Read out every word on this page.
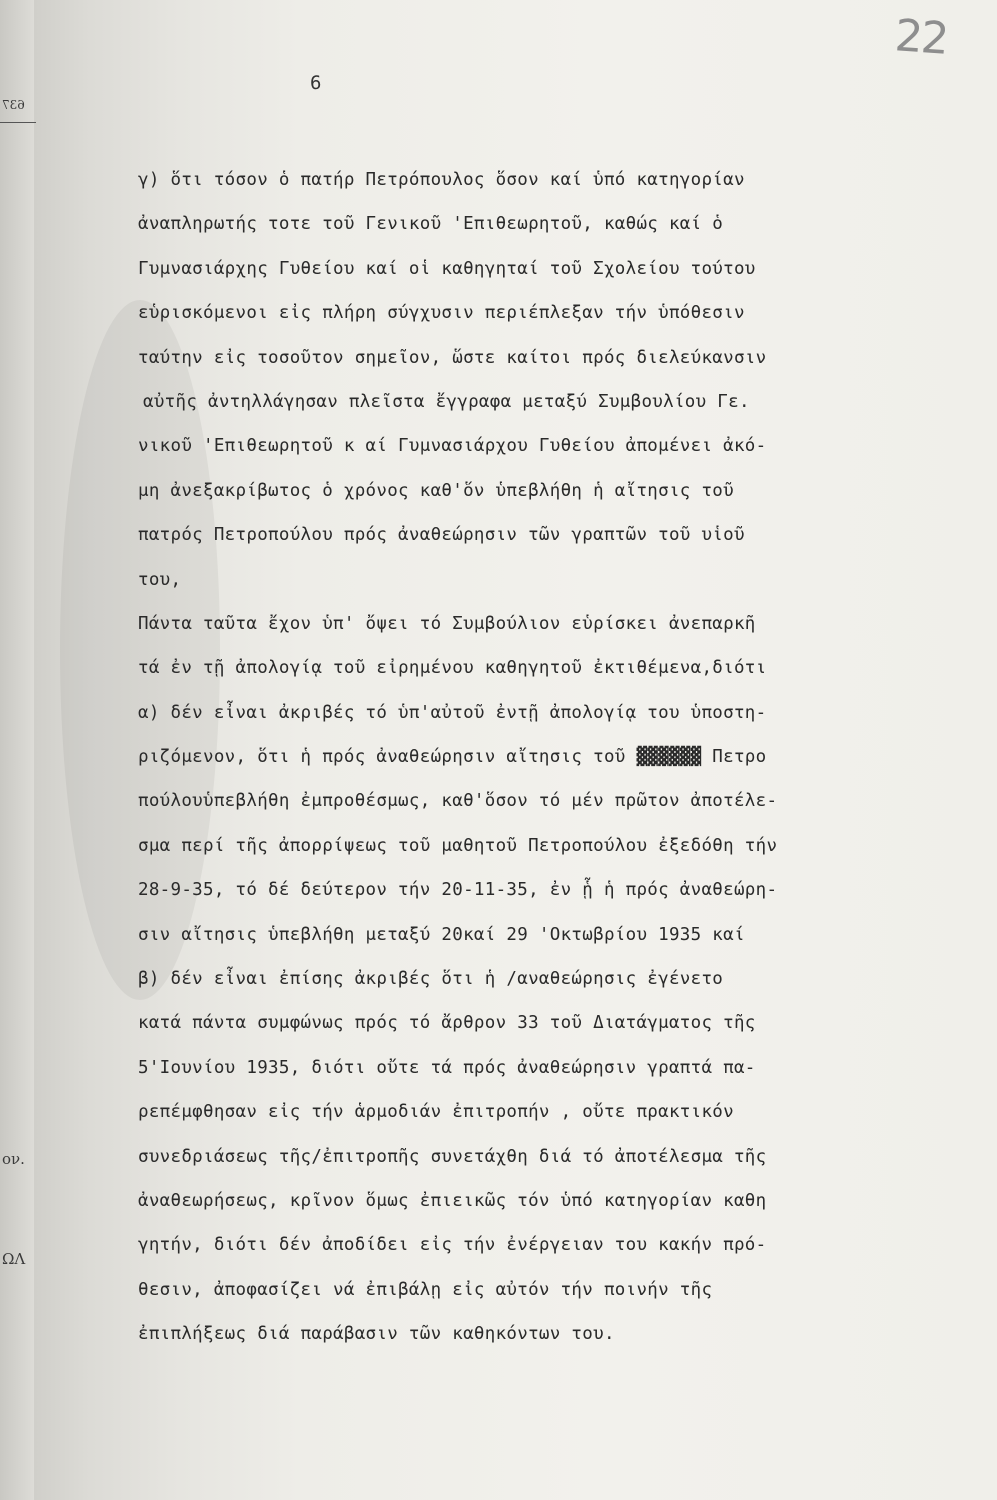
637
ον.
ΩΛ
22
6
γ) ὅτι τόσον ὁ πατήρ Πετρόπουλος ὅσον καί ὑπό κατηγορίαν
ἀναπληρωτής τοτε τοῦ Γενικοῦ 'Επιθεωρητοῦ, καθώς καί ὁ
Γυμνασιάρχης Γυθείου καί οἱ καθηγηταί τοῦ Σχολείου τούτου
εὑρισκόμενοι εἰς πλήρη σύγχυσιν περιέπλεξαν τήν ὑπόθεσιν
ταύτην εἰς τοσοῦτον σημεῖον, ὥστε καίτοι πρός διελεύκανσιν
αὐτῆς ἀντηλλάγησαν πλεῖστα ἔγγραφα μεταξύ Συμβουλίου Γε.
νικοῦ 'Επιθεωρητοῦ κ αί Γυμνασιάρχου Γυθείου ἀπομένει ἀκό-
μη ἀνεξακρίβωτος ὁ χρόνος καθ'ὅν ὑπεβλήθη ἡ αἴτησις τοῦ
πατρός Πετροπούλου πρός ἀναθεώρησιν τῶν γραπτῶν τοῦ υἱοῦ
του,
Πάντα ταῦτα ἔχον ὑπ' ὄψει τό Συμβούλιον εὑρίσκει ἀνεπαρκῆ
τά ἐν τῇ ἀπολογίᾳ τοῦ εἰρημένου καθηγητοῦ ἐκτιθέμενα,διότι
α) δέν εἶναι ἀκριβές τό ὑπ'αὐτοῦ ἐντῇ ἀπολογίᾳ του ὑποστη-
ριζόμενον, ὅτι ἡ πρός ἀναθεώρησιν αἴτησις τοῦ ▓▓▓▓▓▓ Πετρο
πούλουὑπεβλήθη ἐμπροθέσμως, καθ'ὅσον τό μέν πρῶτον ἀποτέλε-
σμα περί τῆς ἀπορρίψεως τοῦ μαθητοῦ Πετροπούλου ἐξεδόθη τήν
28-9-35, τό δέ δεύτερον τήν 20-11-35, ἐν ᾗ ἡ πρός ἀναθεώρη-
σιν αἴτησις ὑπεβλήθη μεταξύ 20καί 29 'Οκτωβρίου 1935 καί
β) δέν εἶναι ἐπίσης ἀκριβές ὅτι ἡ /αναθεώρησις ἐγένετο
κατά πάντα συμφώνως πρός τό ἄρθρον 33 τοῦ Διατάγματος τῆς
5'Ιουνίου 1935, διότι οὔτε τά πρός ἀναθεώρησιν γραπτά πα-
ρεπέμφθησαν εἰς τήν ἁρμοδιάν ἐπιτροπήν , οὔτε πρακτικόν
συνεδριάσεως τῆς/ἐπιτροπῆς συνετάχθη διά τό ἀποτέλεσμα τῆς
ἀναθεωρήσεως, κρῖνον ὅμως ἐπιεικῶς τόν ὑπό κατηγορίαν καθη
γητήν, διότι δέν ἀποδίδει εἰς τήν ἐνέργειαν του κακήν πρό-
θεσιν, ἀποφασίζει νά ἐπιβάλῃ εἰς αὐτόν τήν ποινήν τῆς
ἐπιπλήξεως διά παράβασιν τῶν καθηκόντων του.
